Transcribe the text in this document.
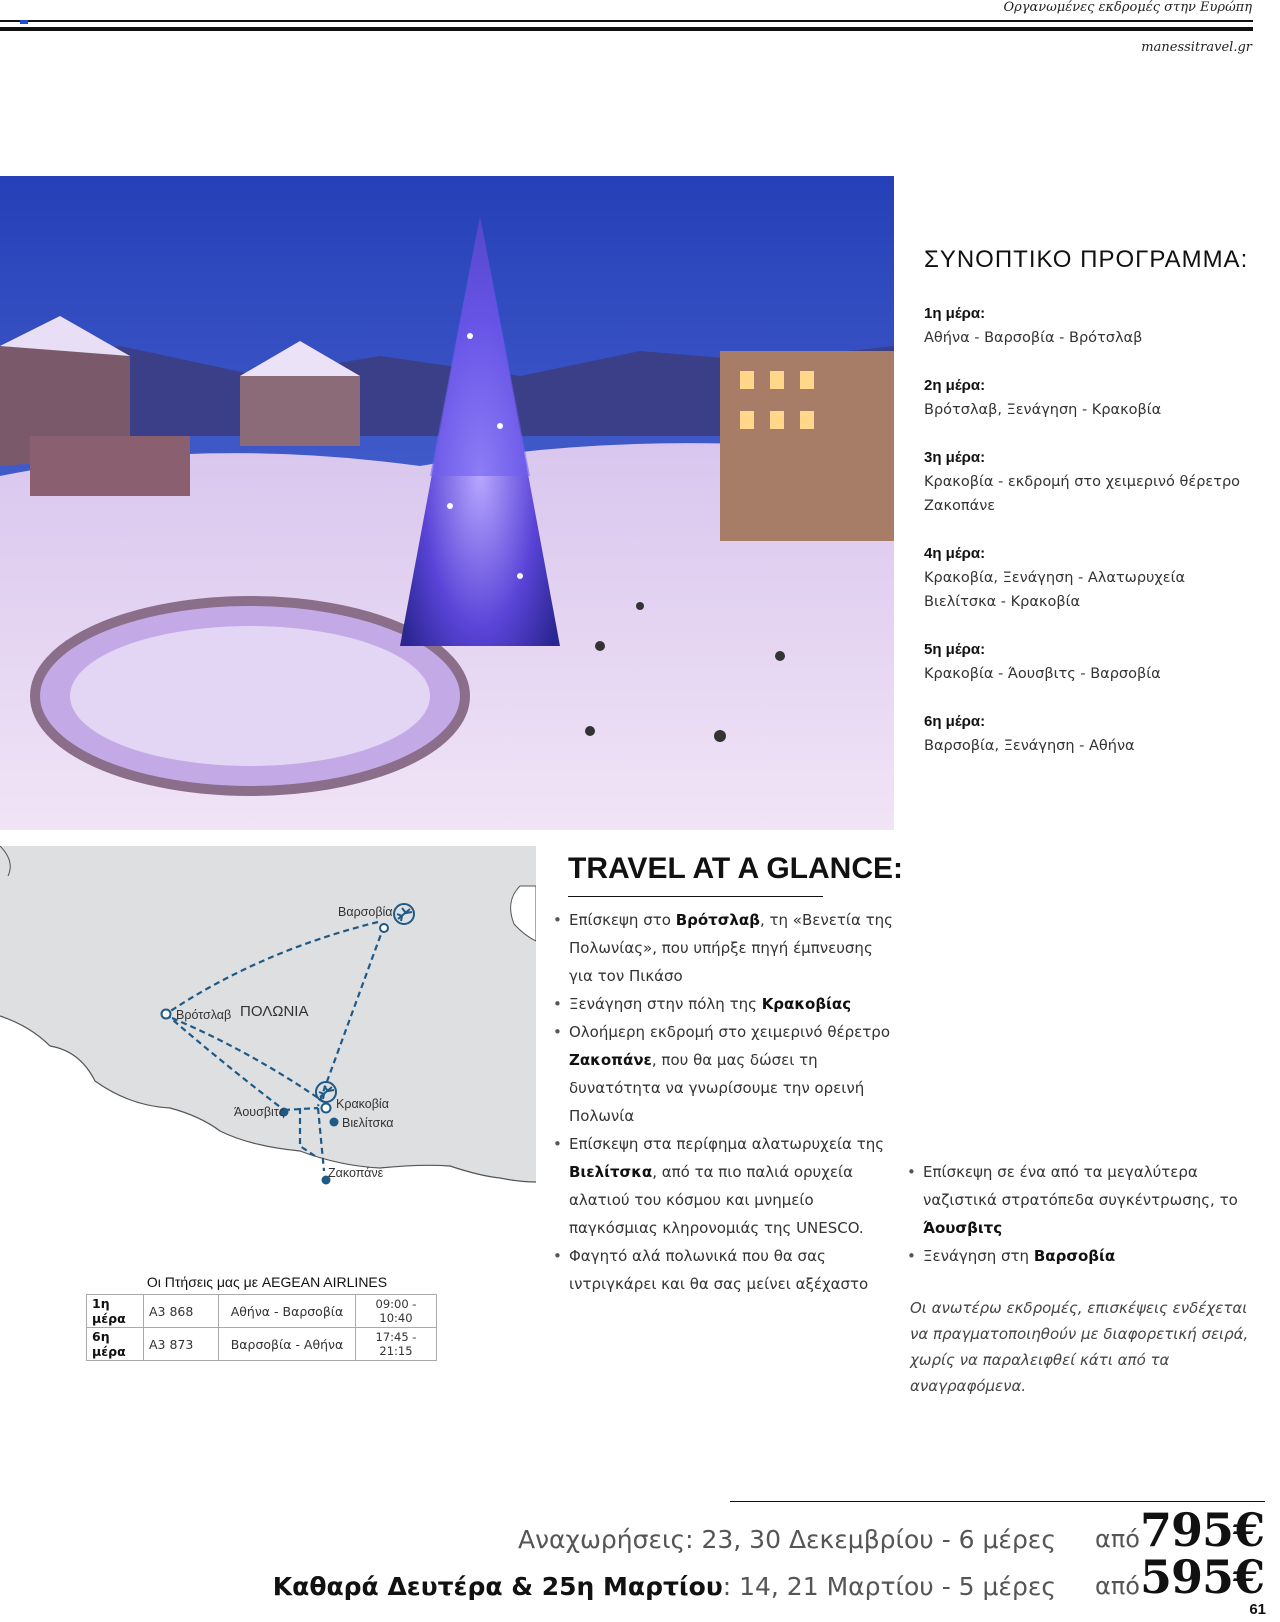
Οργανωμένες εκδρομές στην Ευρώπη
manessitravel.gr
ΣΥΝΟΠΤΙΚΟ ΠΡΟΓΡΑΜΜΑ:
1η μέρα:
Αθήνα - Βαρσοβία - Βρότσλαβ
2η μέρα:
Βρότσλαβ, Ξενάγηση - Κρακοβία
3η μέρα:
Κρακοβία - εκδρομή στο χειμερινό θέρετρο Ζακοπάνε
4η μέρα:
Κρακοβία, Ξενάγηση - Αλατωρυχεία Βιελίτσκα - Κρακοβία
5η μέρα:
Κρακοβία - Άουσβιτς - Βαρσοβία
6η μέρα:
Βαρσοβία, Ξενάγηση - Αθήνα
Βαρσοβία
Βρότσλαβ ΠΟΛΩΝΙΑ
Κρακοβία
Βιελίτσκα
Άουσβιτς
Ζακοπάνε
TRAVEL AT A GLANCE:
• Επίσκεψη στο Βρότσλαβ, τη «Βενετία της Πολωνίας», που υπήρξε πηγή έμπνευσης για τον Πικάσο
• Ξενάγηση στην πόλη της Κρακοβίας
• Ολοήμερη εκδρομή στο χειμερινό θέρετρο Ζακοπάνε, που θα μας δώσει τη δυνατότητα να γνωρίσουμε την ορεινή Πολωνία
• Επίσκεψη στα περίφημα αλατωρυχεία της Βιελίτσκα, από τα πιο παλιά ορυχεία αλατιού του κόσμου και μνημείο παγκόσμιας κληρονομιάς της UNESCO.
• Φαγητό αλά πολωνικά που θα σας ιντριγκάρει και θα σας μείνει αξέχαστο
• Επίσκεψη σε ένα από τα μεγαλύτερα ναζιστικά στρατόπεδα συγκέντρωσης, το Άουσβιτς
• Ξενάγηση στη Βαρσοβία
Οι ανωτέρω εκδρομές, επισκέψεις ενδέχεται να πραγματοποιηθούν με διαφορετική σειρά, χωρίς να παραλειφθεί κάτι από τα αναγραφόμενα.
Οι Πτήσεις μας με AEGEAN AIRLINES
1η μέρα	A3 868	Αθήνα - Βαρσοβία	09:00 - 10:40
6η μέρα	A3 873	Βαρσοβία - Αθήνα	17:45 - 21:15
Αναχωρήσεις: 23, 30 Δεκεμβρίου - 6 μέρες
Καθαρά Δευτέρα & 25η Μαρτίου: 14, 21 Μαρτίου - 5 μέρες
από
από
795€
595€
61
